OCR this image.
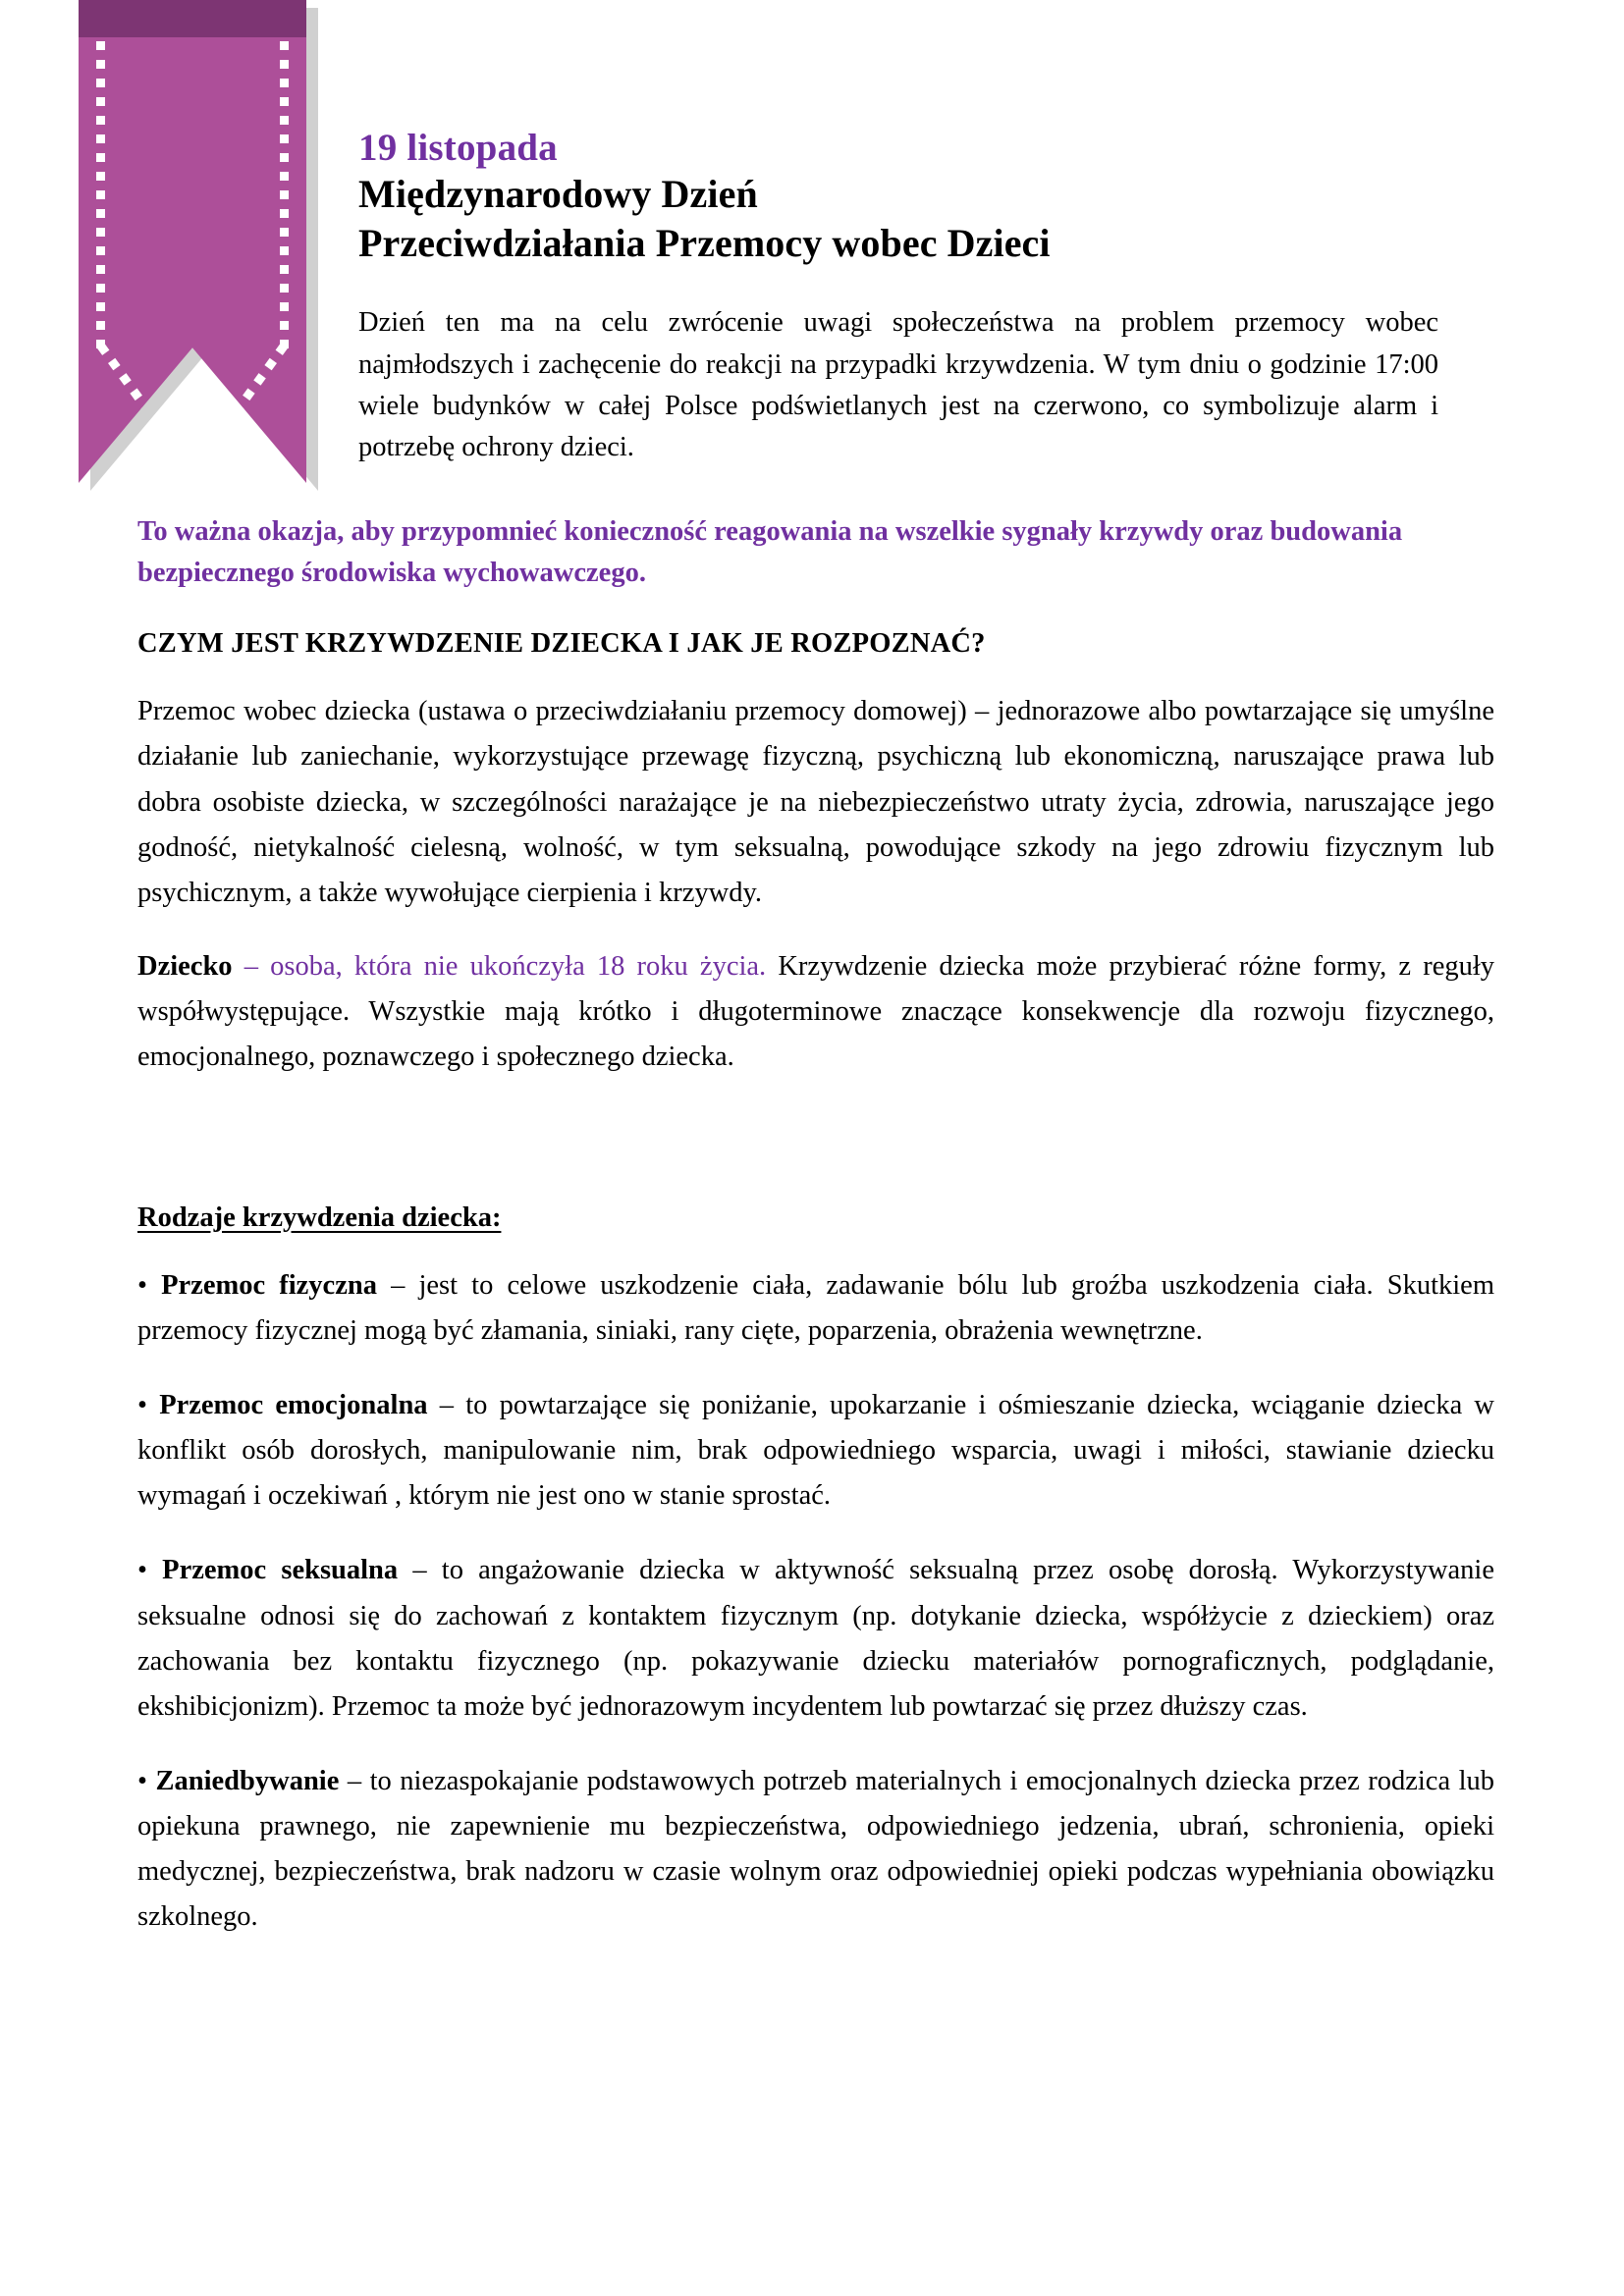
19 listopada
Międzynarodowy Dzień
Przeciwdziałania Przemocy wobec Dzieci

Dzień ten ma na celu zwrócenie uwagi społeczeństwa na problem przemocy wobec najmłodszych i zachęcenie do reakcji na przypadki krzywdzenia. W tym dniu o godzinie 17:00 wiele budynków w całej Polsce podświetlanych jest na czerwono, co symbolizuje alarm i potrzebę ochrony dzieci.

To ważna okazja, aby przypomnieć konieczność reagowania na wszelkie sygnały krzywdy oraz budowania bezpiecznego środowiska wychowawczego.

CZYM JEST KRZYWDZENIE DZIECKA I JAK JE ROZPOZNAĆ?

Przemoc wobec dziecka (ustawa o przeciwdziałaniu przemocy domowej) – jednorazowe albo powtarzające się umyślne działanie lub zaniechanie, wykorzystujące przewagę fizyczną, psychiczną lub ekonomiczną, naruszające prawa lub dobra osobiste dziecka, w szczególności narażające je na niebezpieczeństwo utraty życia, zdrowia, naruszające jego godność, nietykalność cielesną, wolność, w tym seksualną, powodujące szkody na jego zdrowiu fizycznym lub psychicznym, a także wywołujące cierpienia i krzywdy.

Dziecko – osoba, która nie ukończyła 18 roku życia. Krzywdzenie dziecka może przybierać różne formy, z reguły współwystępujące. Wszystkie mają krótko i długoterminowe znaczące konsekwencje dla rozwoju fizycznego, emocjonalnego, poznawczego i społecznego dziecka.

Rodzaje krzywdzenia dziecka:

• Przemoc fizyczna – jest to celowe uszkodzenie ciała, zadawanie bólu lub groźba uszkodzenia ciała. Skutkiem przemocy fizycznej mogą być złamania, siniaki, rany cięte, poparzenia, obrażenia wewnętrzne.

• Przemoc emocjonalna – to powtarzające się poniżanie, upokarzanie i ośmieszanie dziecka, wciąganie dziecka w konflikt osób dorosłych, manipulowanie nim, brak odpowiedniego wsparcia, uwagi i miłości, stawianie dziecku wymagań i oczekiwań , którym nie jest ono w stanie sprostać.

• Przemoc seksualna – to angażowanie dziecka w aktywność seksualną przez osobę dorosłą. Wykorzystywanie seksualne odnosi się do zachowań z kontaktem fizycznym (np. dotykanie dziecka, współżycie z dzieckiem) oraz zachowania bez kontaktu fizycznego (np. pokazywanie dziecku materiałów pornograficznych, podglądanie, ekshibicjonizm). Przemoc ta może być jednorazowym incydentem lub powtarzać się przez dłuższy czas.

• Zaniedbywanie – to niezaspokajanie podstawowych potrzeb materialnych i emocjonalnych dziecka przez rodzica lub opiekuna prawnego, nie zapewnienie mu bezpieczeństwa, odpowiedniego jedzenia, ubrań, schronienia, opieki medycznej, bezpieczeństwa, brak nadzoru w czasie wolnym oraz odpowiedniej opieki podczas wypełniania obowiązku szkolnego.
